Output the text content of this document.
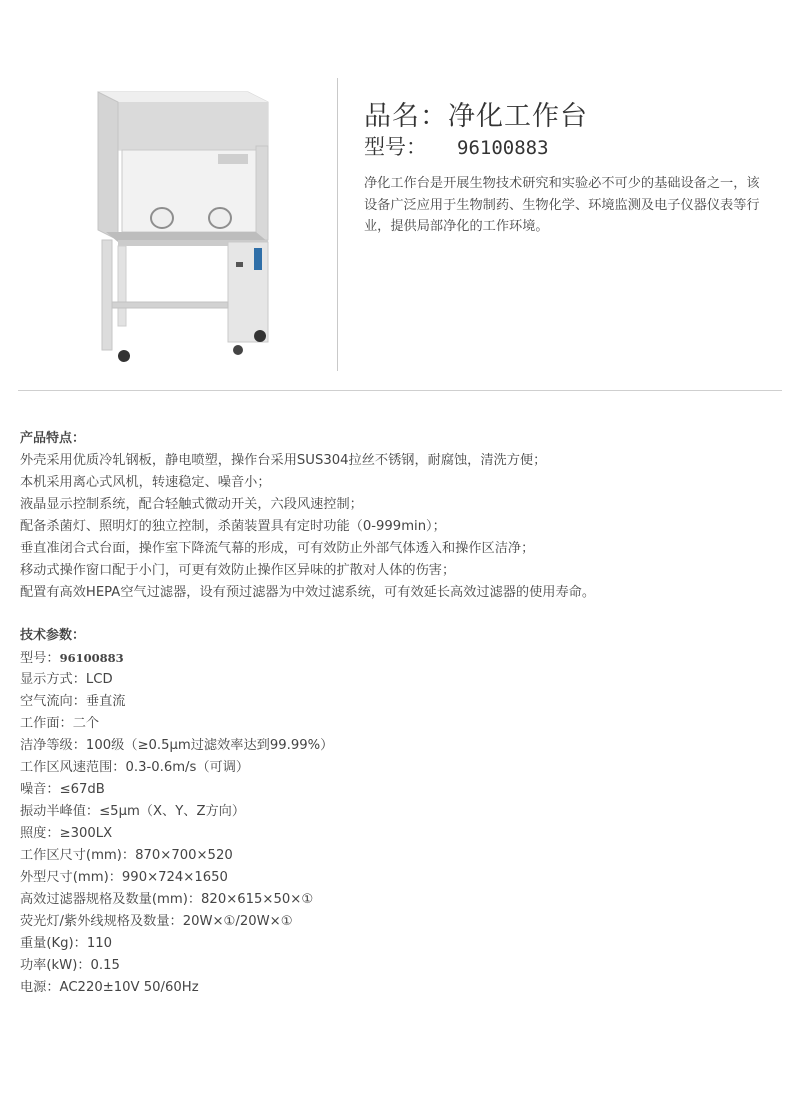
品名：净化工作台
型号： 96100883

净化工作台是开展生物技术研究和实验必不可少的基础设备之一，该设备广泛应用于生物制药、生物化学、环境监测及电子仪器仪表等行业，提供局部净化的工作环境。

产品特点：

外壳采用优质冷轧钢板，静电喷塑，操作台采用SUS304拉丝不锈钢，耐腐蚀，清洗方便；

本机采用离心式风机，转速稳定、噪音小；

液晶显示控制系统，配合轻触式微动开关，六段风速控制；

配备杀菌灯、照明灯的独立控制，杀菌装置具有定时功能（0-999min）；

垂直准闭合式台面，操作室下降流气幕的形成，可有效防止外部气体透入和操作区洁净；

移动式操作窗口配于小门，可更有效防止操作区异味的扩散对人体的伤害；

配置有高效HEPA空气过滤器，设有预过滤器为中效过滤系统，可有效延长高效过滤器的使用寿命。

技术参数：
型号：96100883
显示方式：LCD
空气流向：垂直流
工作面：二个
洁净等级：100级（≥0.5μm过滤效率达到99.99%）
工作区风速范围：0.3-0.6m/s（可调）
噪音：≤67dB
振动半峰值：≤5μm（X、Y、Z方向）
照度：≥300LX
工作区尺寸(mm)：870×700×520
外型尺寸(mm)：990×724×1650
高效过滤器规格及数量(mm)：820×615×50×①
荧光灯/紫外线规格及数量：20W×①/20W×①
重量(Kg)：110
功率(kW)：0.15
电源：AC220±10V 50/60Hz
